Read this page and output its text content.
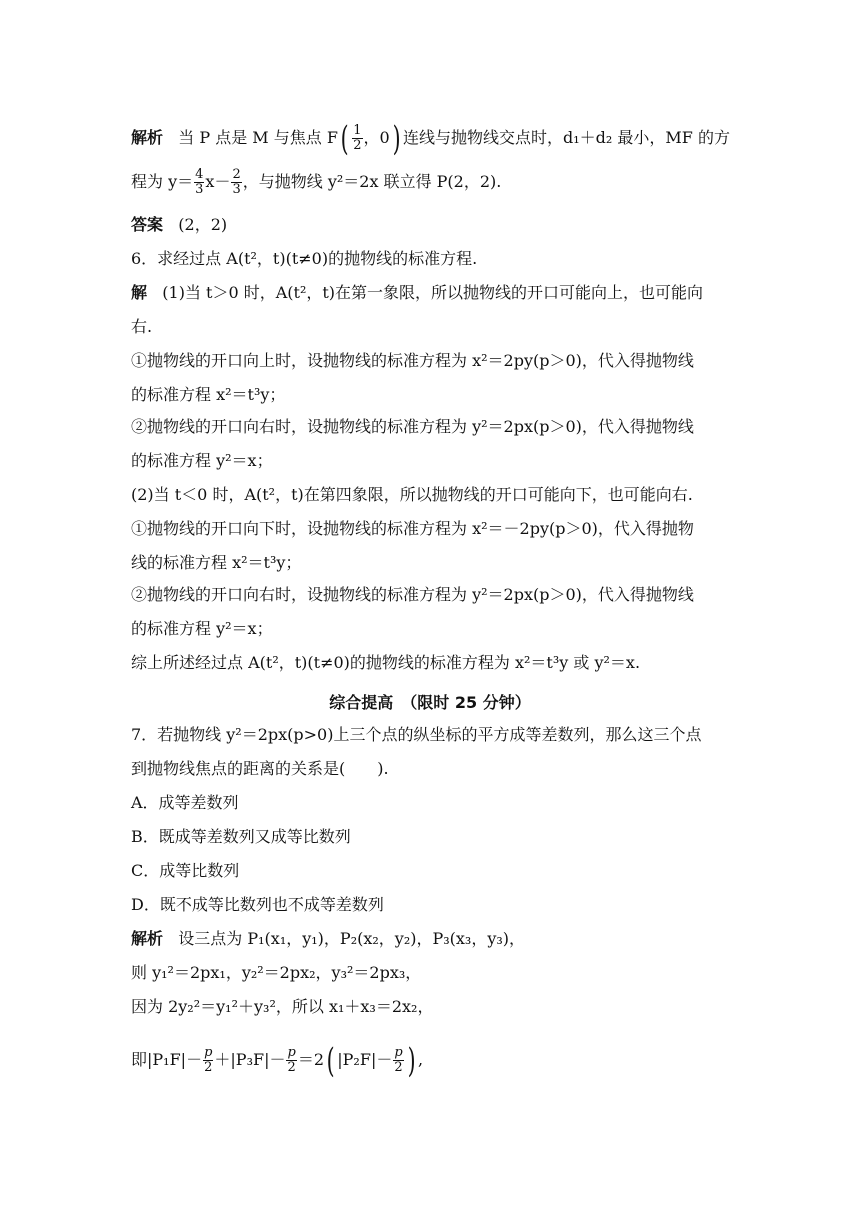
解析 当 P 点是 M 与焦点 $F( \frac{1}{2}$ ，0) 连线与抛物线交点时，d₁＋d₂ 最小，MF 的方
程为 $y= \frac{4}{3} x- \frac{2}{3}$ ，与抛物线 y²＝2x 联立得 P(2，2).
答案 (2，2)
6．求经过点 A(t²，t)(t≠0)的抛物线的标准方程.
解 (1)当 t＞0 时，A(t²，t)在第一象限，所以抛物线的开口可能向上，也可能向
右.
①抛物线的开口向上时，设抛物线的标准方程为 x²＝2py(p＞0)，代入得抛物线
的标准方程 x²＝t³y；
②抛物线的开口向右时，设抛物线的标准方程为 y²＝2px(p＞0)，代入得抛物线
的标准方程 y²＝x；
(2)当 t＜0 时，A(t²，t)在第四象限，所以抛物线的开口可能向下，也可能向右.
①抛物线的开口向下时，设抛物线的标准方程为 x²＝－2py(p＞0)，代入得抛物
线的标准方程 x²＝t³y；
②抛物线的开口向右时，设抛物线的标准方程为 y²＝2px(p＞0)，代入得抛物线
的标准方程 y²＝x；
综上所述经过点 A(t²，t)(t≠0)的抛物线的标准方程为 x²＝t³y 或 y²＝x.
综合提高　（限时 25 分钟）
7．若抛物线 y²＝2px(p>0)上三个点的纵坐标的平方成等差数列，那么这三个点
到抛物线焦点的距离的关系是(　　).
A．成等差数列
B．既成等差数列又成等比数列
C．成等比数列
D．既不成等比数列也不成等差数列
解析 设三点为 P₁(x₁，y₁)，P₂(x₂，y₂)，P₃(x₃，y₃)，
则 y₁²＝2px₁，y₂²＝2px₂，y₃²＝2px₃，
因为 2y₂²＝y₁²＋y₃²，所以 x₁＋x₃＝2x₂，
即$|P_1F|- \frac{p}{2} +|P_3F|- \frac{p}{2} =2$( $|P_2F|- \frac{p}{2}$ ) ,
